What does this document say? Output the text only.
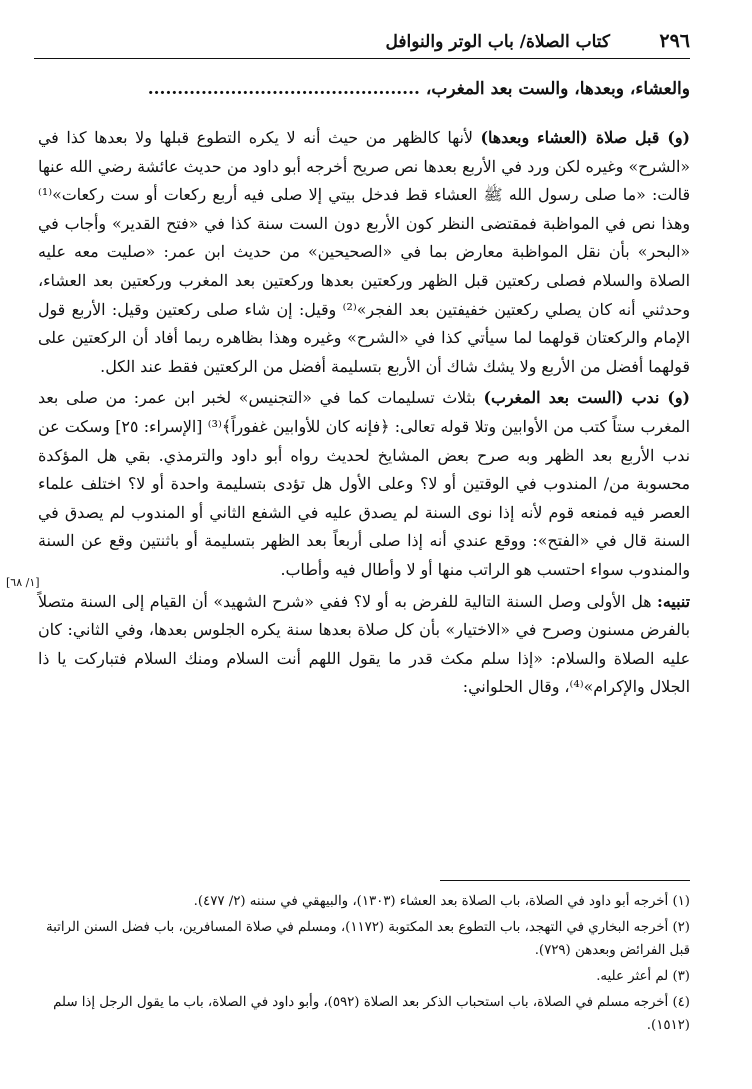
٢٩٦
كتاب الصلاة/ باب الوتر والنوافل
والعشاء، وبعدها، والست بعد المغرب، ..............................................

(و) قبل صلاة (العشاء وبعدها) لأنها كالظهر من حيث أنه لا يكره التطوع قبلها ولا بعدها كذا في «الشرح» وغيره لكن ورد في الأربع بعدها نص صريح أخرجه أبو داود من حديث عائشة رضي الله عنها قالت: «ما صلى رسول الله ﷺ العشاء قط فدخل بيتي إلا صلى فيه أربع ركعات أو ست ركعات»⁽¹⁾ وهذا نص في المواظبة فمقتضى النظر كون الأربع دون الست سنة كذا في «فتح القدير» وأجاب في «البحر» بأن نقل المواظبة معارض بما في «الصحيحين» من حديث ابن عمر: «صليت معه عليه الصلاة والسلام فصلى ركعتين قبل الظهر وركعتين بعدها وركعتين بعد المغرب وركعتين بعد العشاء، وحدثني أنه كان يصلي ركعتين خفيفتين بعد الفجر»⁽²⁾ وقيل: إن شاء صلى ركعتين وقيل: الأربع قول الإمام والركعتان قولهما لما سيأتي كذا في «الشرح» وغيره وهذا بظاهره ربما أفاد أن الركعتين على قولهما أفضل من الأربع ولا يشك شاك أن الأربع بتسليمة أفضل من الركعتين فقط عند الكل.

(و) ندب (الست بعد المغرب) بثلاث تسليمات كما في «التجنيس» لخبر ابن عمر: من صلى بعد المغرب ستاً كتب من الأوابين وتلا قوله تعالى: ﴿فإنه كان للأوابين غفوراً﴾⁽³⁾ [الإسراء: ٢٥] وسكت عن ندب الأربع بعد الظهر وبه صرح بعض المشايخ لحديث رواه أبو داود والترمذي. بقي هل المؤكدة محسوبة من/ المندوب في الوقتين أو لا؟ وعلى الأول هل تؤدى بتسليمة واحدة أو لا؟ اختلف علماء العصر فيه فمنعه قوم لأنه إذا نوى السنة لم يصدق عليه في الشفع الثاني أو المندوب لم يصدق في السنة قال في «الفتح»: ووقع عندي أنه إذا صلى أربعاً بعد الظهر بتسليمة أو باثنتين وقع عن السنة والمندوب سواء احتسب هو الراتب منها أو لا وأطال فيه وأطاب.

تنبيه: هل الأولى وصل السنة التالية للفرض به أو لا؟ ففي «شرح الشهيد» أن القيام إلى السنة متصلاً بالفرض مسنون وصرح في «الاختيار» بأن كل صلاة بعدها سنة يكره الجلوس بعدها، وفي الثاني: كان عليه الصلاة والسلام: «إذا سلم مكث قدر ما يقول اللهم أنت السلام ومنك السلام فتباركت يا ذا الجلال والإكرام»⁽⁴⁾، وقال الحلواني:

[١/ ٦٨]
(١) أخرجه أبو داود في الصلاة، باب الصلاة بعد العشاء (١٣٠٣)، والبيهقي في سننه (٢/ ٤٧٧).
(٢) أخرجه البخاري في التهجد، باب التطوع بعد المكتوبة (١١٧٢)، ومسلم في صلاة المسافرين، باب فضل السنن الراتبة قبل الفرائض وبعدهن (٧٢٩).
(٣) لم أعثر عليه.
(٤) أخرجه مسلم في الصلاة، باب استحباب الذكر بعد الصلاة (٥٩٢)، وأبو داود في الصلاة، باب ما يقول الرجل إذا سلم (١٥١٢).
